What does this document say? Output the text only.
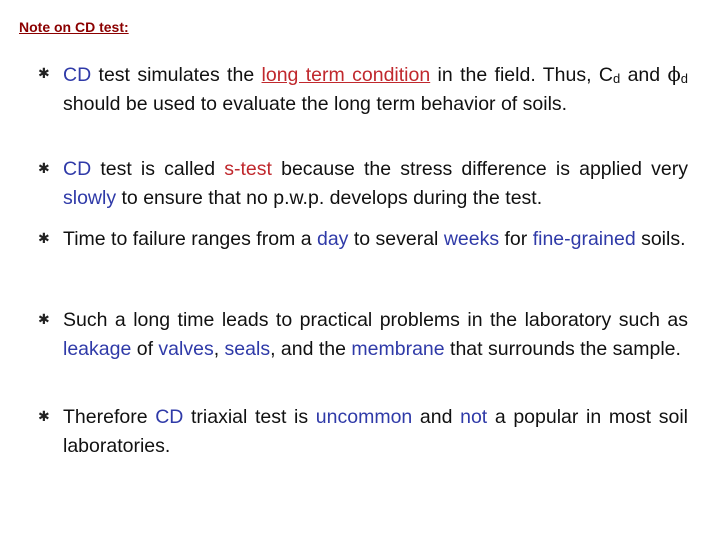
Note on CD test:
✱ CD test simulates the long term condition in the field. Thus, $C_d$ and $\phi_d$ should be used to evaluate the long term behavior of soils.
✱ CD test is called s-test because the stress difference is applied very slowly to ensure that no p.w.p. develops during the test.
✱ Time to failure ranges from a day to several weeks for fine-grained soils.
✱ Such a long time leads to practical problems in the laboratory such as leakage of valves, seals, and the membrane that surrounds the sample.
✱ Therefore CD triaxial test is uncommon and not a popular in most soil laboratories.
